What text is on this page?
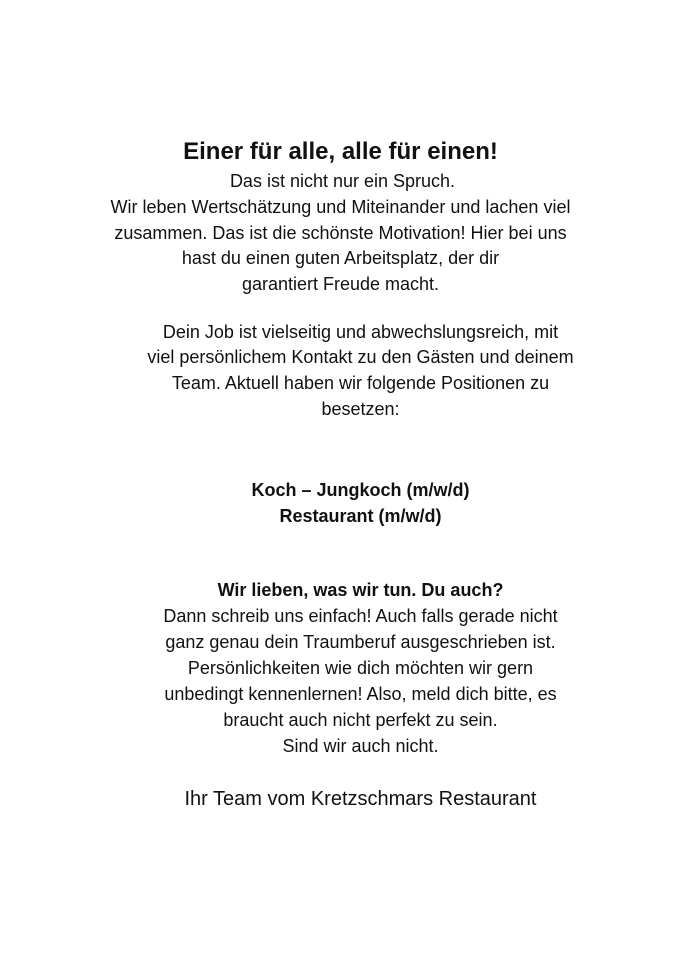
Einer für alle, alle für einen!

Das ist nicht nur ein Spruch.

Wir leben Wertschätzung und Miteinander und lachen viel

zusammen. Das ist die schönste Motivation! Hier bei uns

hast du einen guten Arbeitsplatz, der dir

garantiert Freude macht.

Dein Job ist vielseitig und abwechslungsreich, mit

viel persönlichem Kontakt zu den Gästen und deinem

Team. Aktuell haben wir folgende Positionen zu

besetzen:

Koch – Jungkoch (m/w/d)

Restaurant (m/w/d)

Wir lieben, was wir tun. Du auch?

Dann schreib uns einfach! Auch falls gerade nicht

ganz genau dein Traumberuf ausgeschrieben ist.

Persönlichkeiten wie dich möchten wir gern

unbedingt kennenlernen! Also, meld dich bitte, es

braucht auch nicht perfekt zu sein.

Sind wir auch nicht.

Ihr Team vom Kretzschmars Restaurant
